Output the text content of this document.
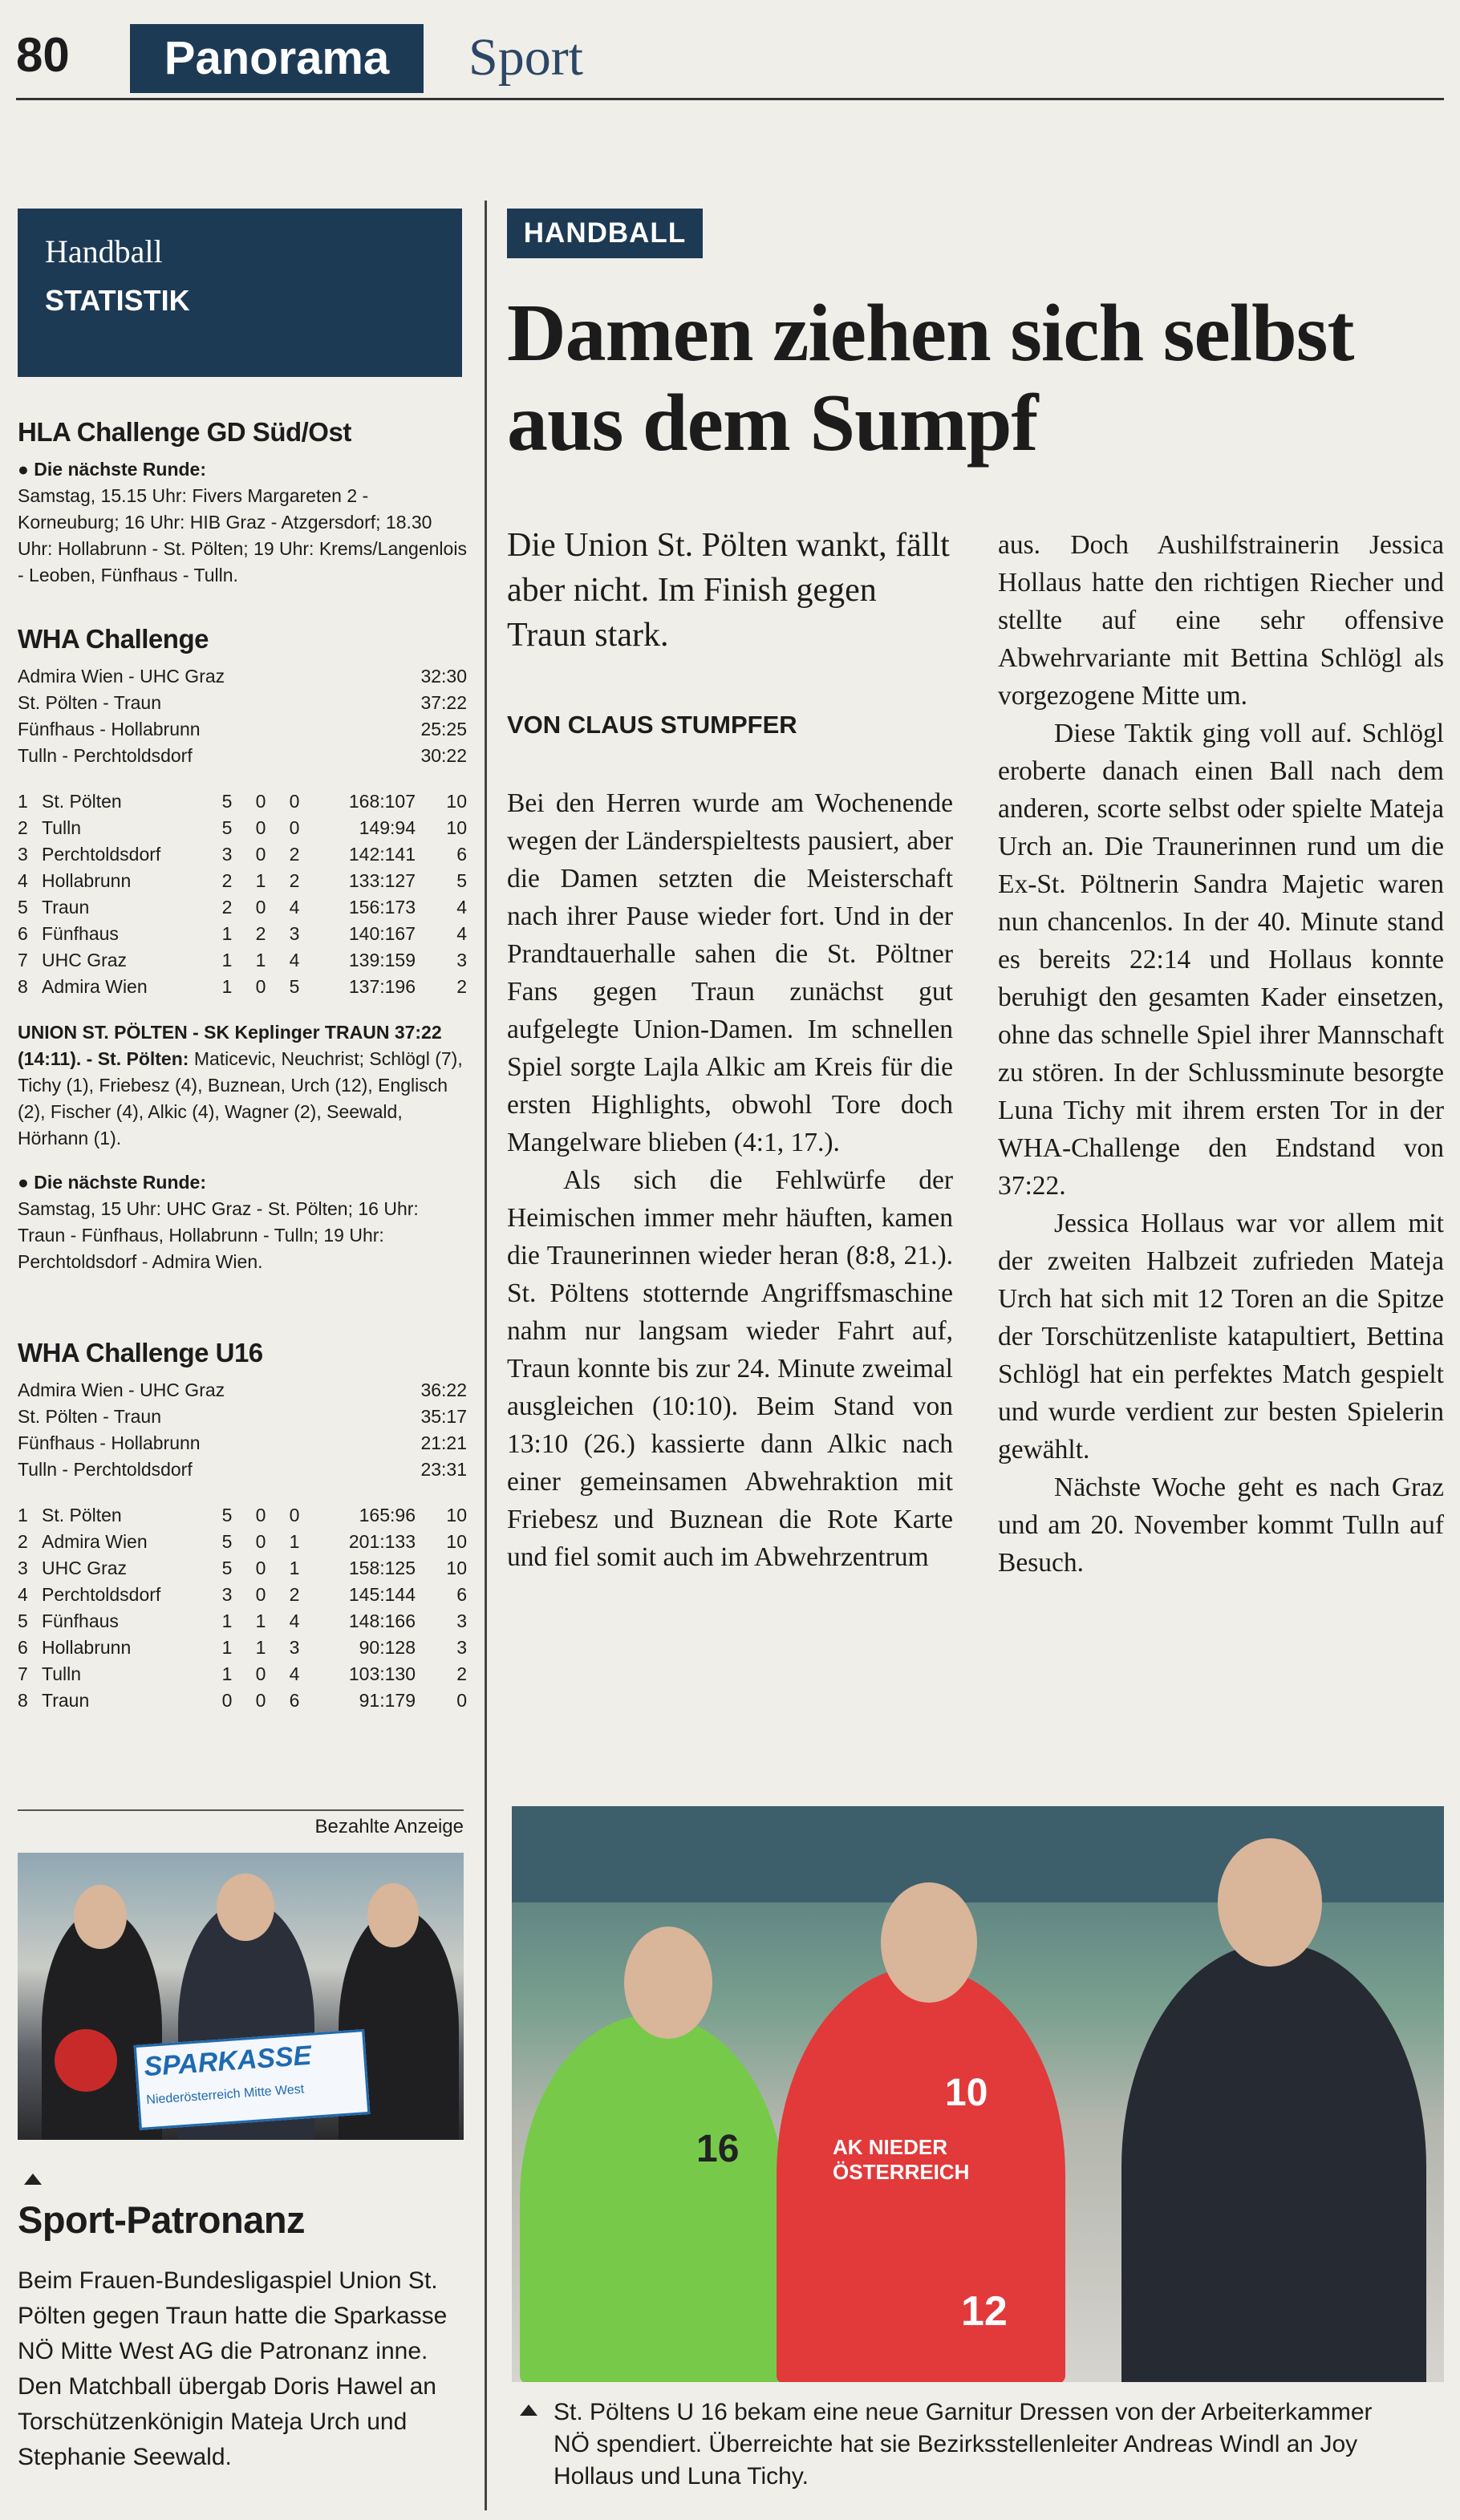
80	Panorama	Sport
Handball
STATISTIK
HLA Challenge GD Süd/Ost
● Die nächste Runde:
Samstag, 15.15 Uhr: Fivers Margareten 2 - Korneuburg; 16 Uhr: HIB Graz - Atzgersdorf; 18.30 Uhr: Hollabrunn - St. Pölten; 19 Uhr: Krems/Langenlois - Leoben, Fünfhaus - Tulln.
WHA Challenge
Admira Wien - UHC Graz	32:30
St. Pölten - Traun	37:22
Fünfhaus - Hollabrunn	25:25
Tulln - Perchtoldsdorf	30:22
1	St. Pölten	5	0	0	168:107	10
2	Tulln	5	0	0	149:94	10
3	Perchtoldsdorf	3	0	2	142:141	6
4	Hollabrunn	2	1	2	133:127	5
5	Traun	2	0	4	156:173	4
6	Fünfhaus	1	2	3	140:167	4
7	UHC Graz	1	1	4	139:159	3
8	Admira Wien	1	0	5	137:196	2
UNION ST. PÖLTEN - SK Keplinger TRAUN 37:22 (14:11). - St. Pölten: Maticevic, Neuchrist; Schlögl (7), Tichy (1), Friebesz (4), Buznean, Urch (12), Englisch (2), Fischer (4), Alkic (4), Wagner (2), Seewald, Hörhann (1).
● Die nächste Runde:
Samstag, 15 Uhr: UHC Graz - St. Pölten; 16 Uhr: Traun - Fünfhaus, Hollabrunn - Tulln; 19 Uhr: Perchtoldsdorf - Admira Wien.
WHA Challenge U16
Admira Wien - UHC Graz	36:22
St. Pölten - Traun	35:17
Fünfhaus - Hollabrunn	21:21
Tulln - Perchtoldsdorf	23:31
1	St. Pölten	5	0	0	165:96	10
2	Admira Wien	5	0	1	201:133	10
3	UHC Graz	5	0	1	158:125	10
4	Perchtoldsdorf	3	0	2	145:144	6
5	Fünfhaus	1	1	4	148:166	3
6	Hollabrunn	1	1	3	90:128	3
7	Tulln	1	0	4	103:130	2
8	Traun	0	0	6	91:179	0
Bezahlte Anzeige
SPARKASSE
Niederösterreich Mitte West
Sport-Patronanz
Beim Frauen-Bundesligaspiel Union St. Pölten gegen Traun hatte die Sparkasse NÖ Mitte West AG die Patronanz inne. Den Matchball übergab Doris Hawel an Torschützenkönigin Mateja Urch und Stephanie Seewald.
HANDBALL
Damen ziehen sich selbst aus dem Sumpf
Die Union St. Pölten wankt, fällt aber nicht. Im Finish gegen Traun stark.
VON CLAUS STUMPFER

Bei den Herren wurde am Wochenende wegen der Länderspieltests pausiert, aber die Damen setzten die Meisterschaft nach ihrer Pause wieder fort. Und in der Prandtauerhalle sahen die St. Pöltner Fans gegen Traun zunächst gut aufgelegte Union-Damen. Im schnellen Spiel sorgte Lajla Alkic am Kreis für die ersten Highlights, obwohl Tore doch Mangelware blieben (4:1, 17.).

Als sich die Fehlwürfe der Heimischen immer mehr häuften, kamen die Traunerinnen wieder heran (8:8, 21.). St. Pöltens stotternde Angriffsmaschine nahm nur langsam wieder Fahrt auf, Traun konnte bis zur 24. Minute zweimal ausgleichen (10:10). Beim Stand von 13:10 (26.) kassierte dann Alkic nach einer gemeinsamen Abwehraktion mit Friebesz und Buznean die Rote Karte und fiel somit auch im Abwehrzentrum

aus. Doch Aushilfstrainerin Jessica Hollaus hatte den richtigen Riecher und stellte auf eine sehr offensive Abwehrvariante mit Bettina Schlögl als vorgezogene Mitte um.

Diese Taktik ging voll auf. Schlögl eroberte danach einen Ball nach dem anderen, scorte selbst oder spielte Mateja Urch an. Die Traunerinnen rund um die Ex-St. Pöltnerin Sandra Majetic waren nun chancenlos. In der 40. Minute stand es bereits 22:14 und Hollaus konnte beruhigt den gesamten Kader einsetzen, ohne das schnelle Spiel ihrer Mannschaft zu stören. In der Schlussminute besorgte Luna Tichy mit ihrem ersten Tor in der WHA-Challenge den Endstand von 37:22.

Jessica Hollaus war vor allem mit der zweiten Halbzeit zufrieden Mateja Urch hat sich mit 12 Toren an die Spitze der Torschützenliste katapultiert, Bettina Schlögl hat ein perfektes Match gespielt und wurde verdient zur besten Spielerin gewählt.

Nächste Woche geht es nach Graz und am 20. November kommt Tulln auf Besuch.

16
10
AK NIEDER ÖSTERREICH
12
St. Pöltens U 16 bekam eine neue Garnitur Dressen von der Arbeiterkammer NÖ spendiert. Überreichte hat sie Bezirksstellenleiter Andreas Windl an Joy Hollaus und Luna Tichy.
